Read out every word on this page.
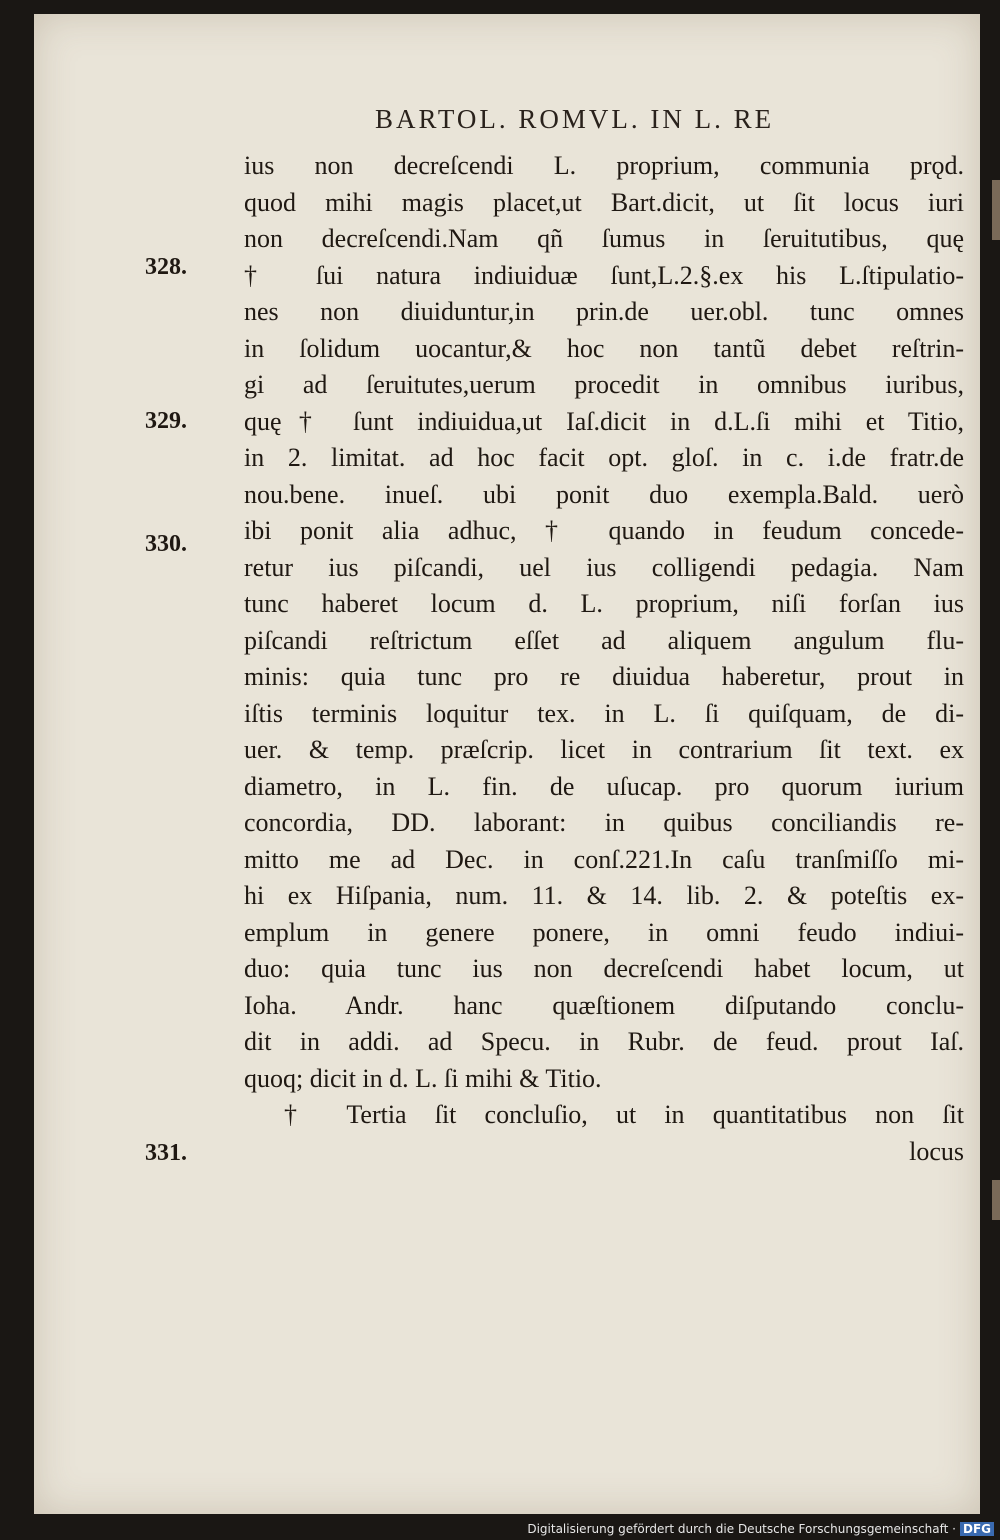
BARTOL. ROMVL. IN L. RE
328.
329.
330.
331.
ius non decreſcendi L. proprium, communia prǫd.
quod mihi magis placet,ut Bart.dicit, ut ſit locus iuri
non decreſcendi.Nam qñ ſumus in ſeruitutibus, quę
† ſui natura indiuiduæ ſunt,L.2.§.ex his L.ſtipulatio-
nes non diuiduntur,in prin.de uer.obl. tunc omnes
in ſolidum uocantur,& hoc non tantũ debet reſtrin-
gi ad ſeruitutes,uerum procedit in omnibus iuribus,
quę† ſunt indiuidua,ut Iaſ.dicit in d.L.ſi mihi et Titio,
in 2. limitat. ad hoc facit opt. gloſ. in c. i.de fratr.de
nou.bene. inueſ. ubi ponit duo exempla.Bald. uerò
ibi ponit alia adhuc, † quando in feudum concede-
retur ius piſcandi, uel ius colligendi pedagia. Nam
tunc haberet locum d. L. proprium, niſi forſan ius
piſcandi reſtrictum eſſet ad aliquem angulum flu-
minis: quia tunc pro re diuidua haberetur, prout in
iſtis terminis loquitur tex. in L. ſi quiſquam, de di-
uer. & temp. præſcrip. licet in contrarium ſit text. ex
diametro, in L. fin. de uſucap. pro quorum iurium
concordia, DD. laborant: in quibus conciliandis re-
mitto me ad Dec. in conſ.221.In caſu tranſmiſſo mi-
hi ex Hiſpania, num. 11. & 14. lib. 2. & poteſtis ex-
emplum in genere ponere, in omni feudo indiui-
duo: quia tunc ius non decreſcendi habet locum, ut
Ioha. Andr. hanc quæſtionem diſputando conclu-
dit in addi. ad Specu. in Rubr. de feud. prout Iaſ.
quoq; dicit in d. L. ſi mihi & Titio.
† Tertia ſit concluſio, ut in quantitatibus non ſit
locus
Digitalisierung gefördert durch die Deutsche Forschungsgemeinschaft · DFG
